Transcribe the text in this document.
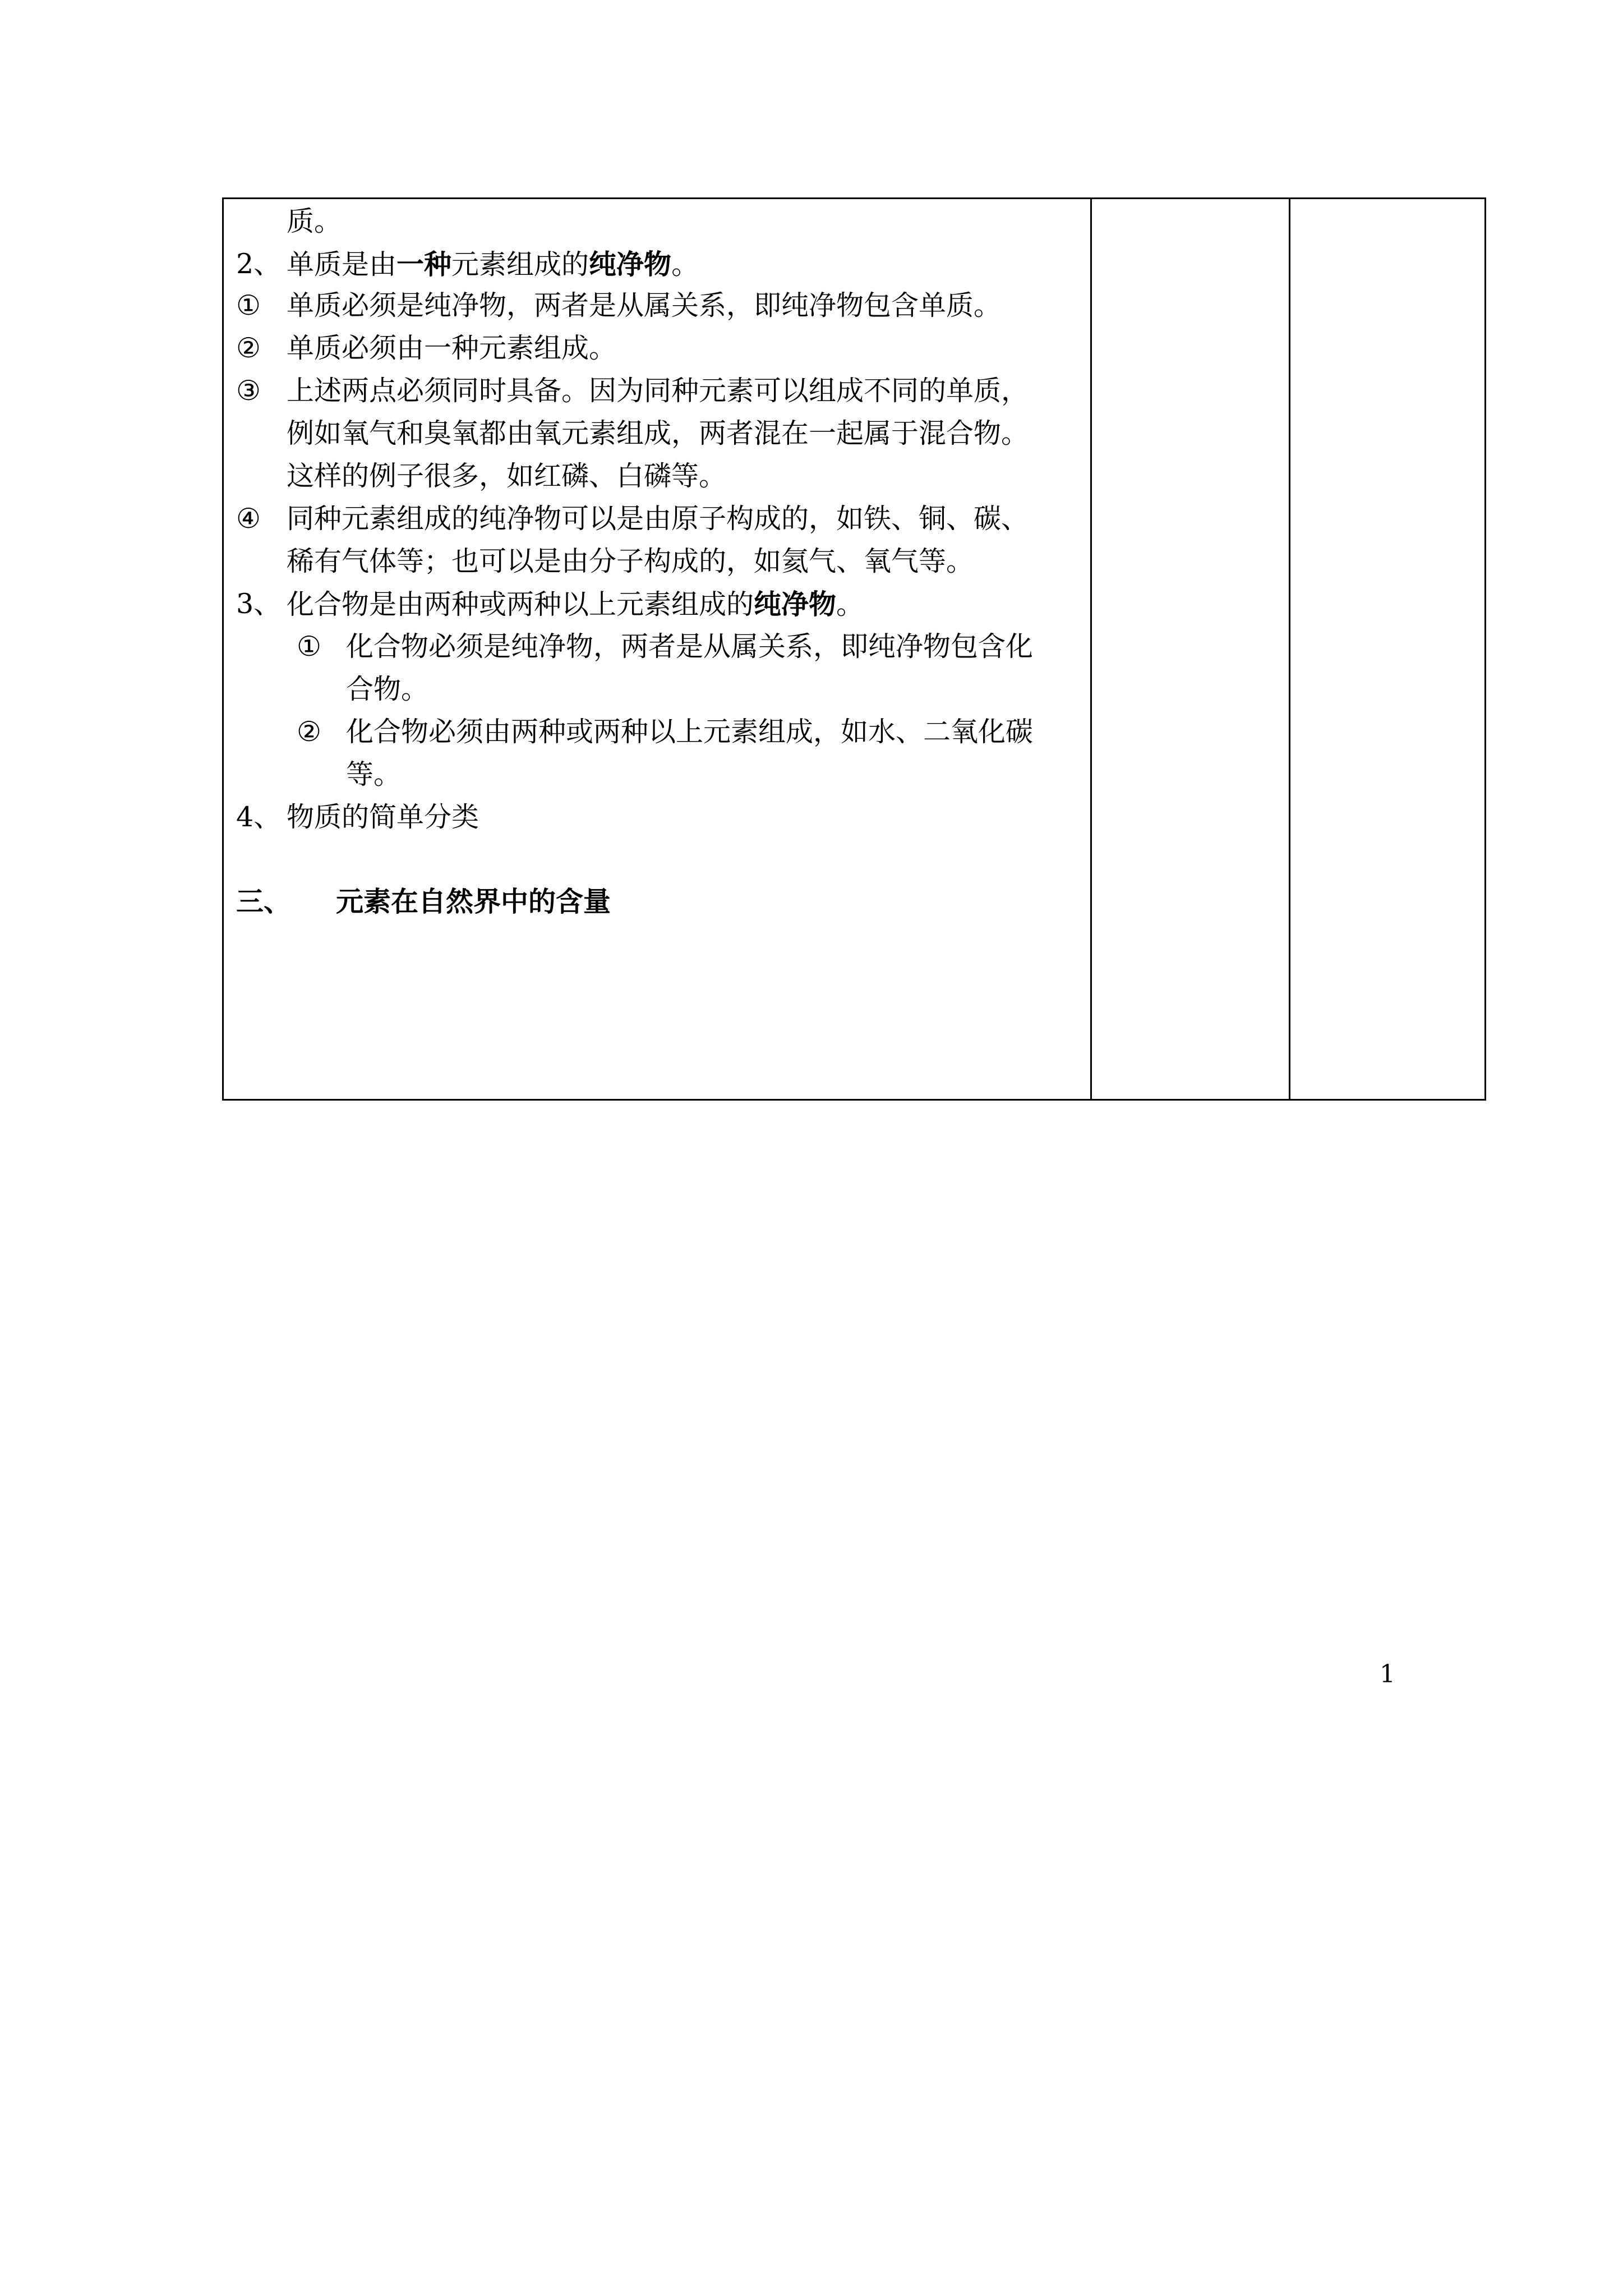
质。
2、 单质是由一种元素组成的纯净物。
① 单质必须是纯净物，两者是从属关系，即纯净物包含单质。
② 单质必须由一种元素组成。
③ 上述两点必须同时具备。因为同种元素可以组成不同的单质，
例如氧气和臭氧都由氧元素组成，两者混在一起属于混合物。
这样的例子很多，如红磷、白磷等。
④ 同种元素组成的纯净物可以是由原子构成的，如铁、铜、碳、
稀有气体等；也可以是由分子构成的，如氦气、氧气等。
3、 化合物是由两种或两种以上元素组成的纯净物。
① 化合物必须是纯净物，两者是从属关系，即纯净物包含化
合物。
② 化合物必须由两种或两种以上元素组成，如水、二氧化碳
等。
4、 物质的简单分类
三、 元素在自然界中的含量
1
